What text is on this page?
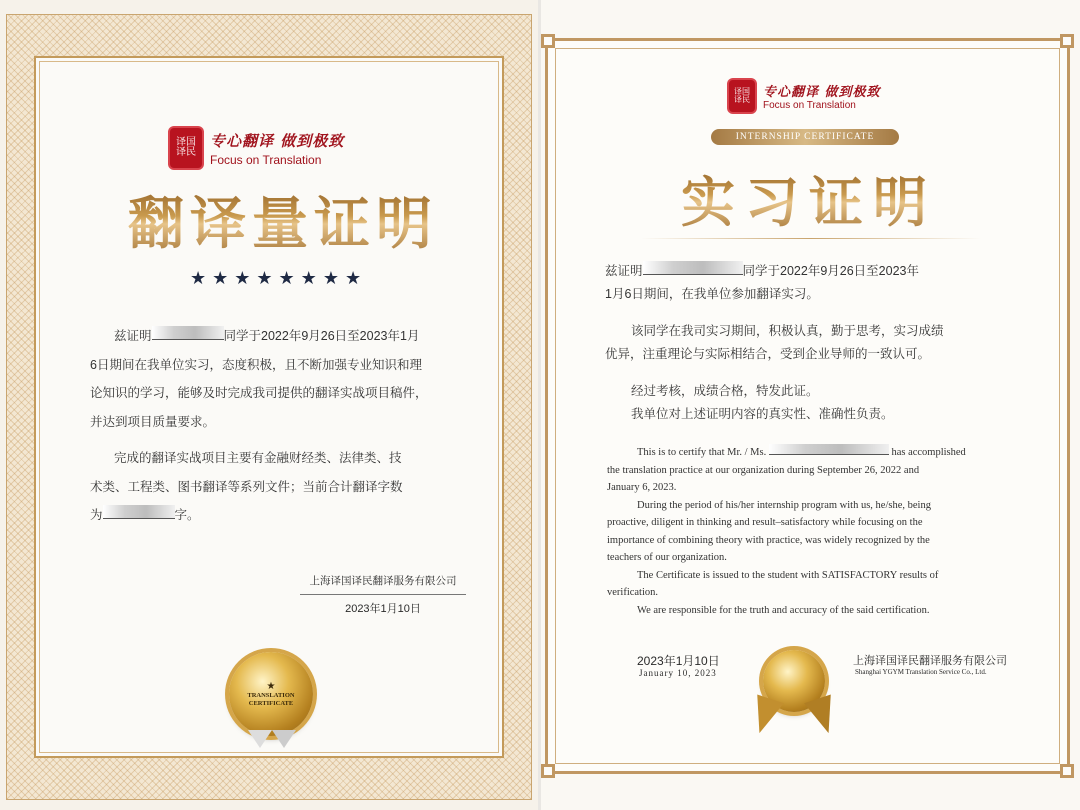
译国译民
专心翻译 做到极致
Focus on Translation
翻译量证明
★★★★★★★★
兹证明	同学于2022年9月26日至2023年1月
6日期间在我单位实习，态度积极，且不断加强专业知识和理
论知识的学习，能够及时完成我司提供的翻译实战项目稿件，
并达到项目质量要求。
完成的翻译实战项目主要有金融财经类、法律类、技
术类、工程类、图书翻译等系列文件；当前合计翻译字数
为	字。
上海译国译民翻译服务有限公司
2023年1月10日
★
TRANSLATION CERTIFICATE
译国译民 专心翻译 做到极致
Focus on Translation
INTERNSHIP CERTIFICATE
实习证明
兹证明	同学于2022年9月26日至2023年
1月6日期间，在我单位参加翻译实习。
该同学在我司实习期间，积极认真，勤于思考，实习成绩
优异，注重理论与实际相结合，受到企业导师的一致认可。
经过考核，成绩合格，特发此证。
我单位对上述证明内容的真实性、准确性负责。
This is to certify that Mr. / Ms.	has accomplished
the translation practice at our organization during September 26, 2022 and
January 6, 2023.
During the period of his/her internship program with us, he/she, being
proactive, diligent in thinking and result–satisfactory while focusing on the
importance of combining theory with practice, was widely recognized by the
teachers of our organization.
The Certificate is issued to the student with SATISFACTORY results of
verification.
We are responsible for the truth and accuracy of the said certification.
2023年1月10日
January 10, 2023
上海译国译民翻译服务有限公司
Shanghai YGYM Translation Service Co., Ltd.
